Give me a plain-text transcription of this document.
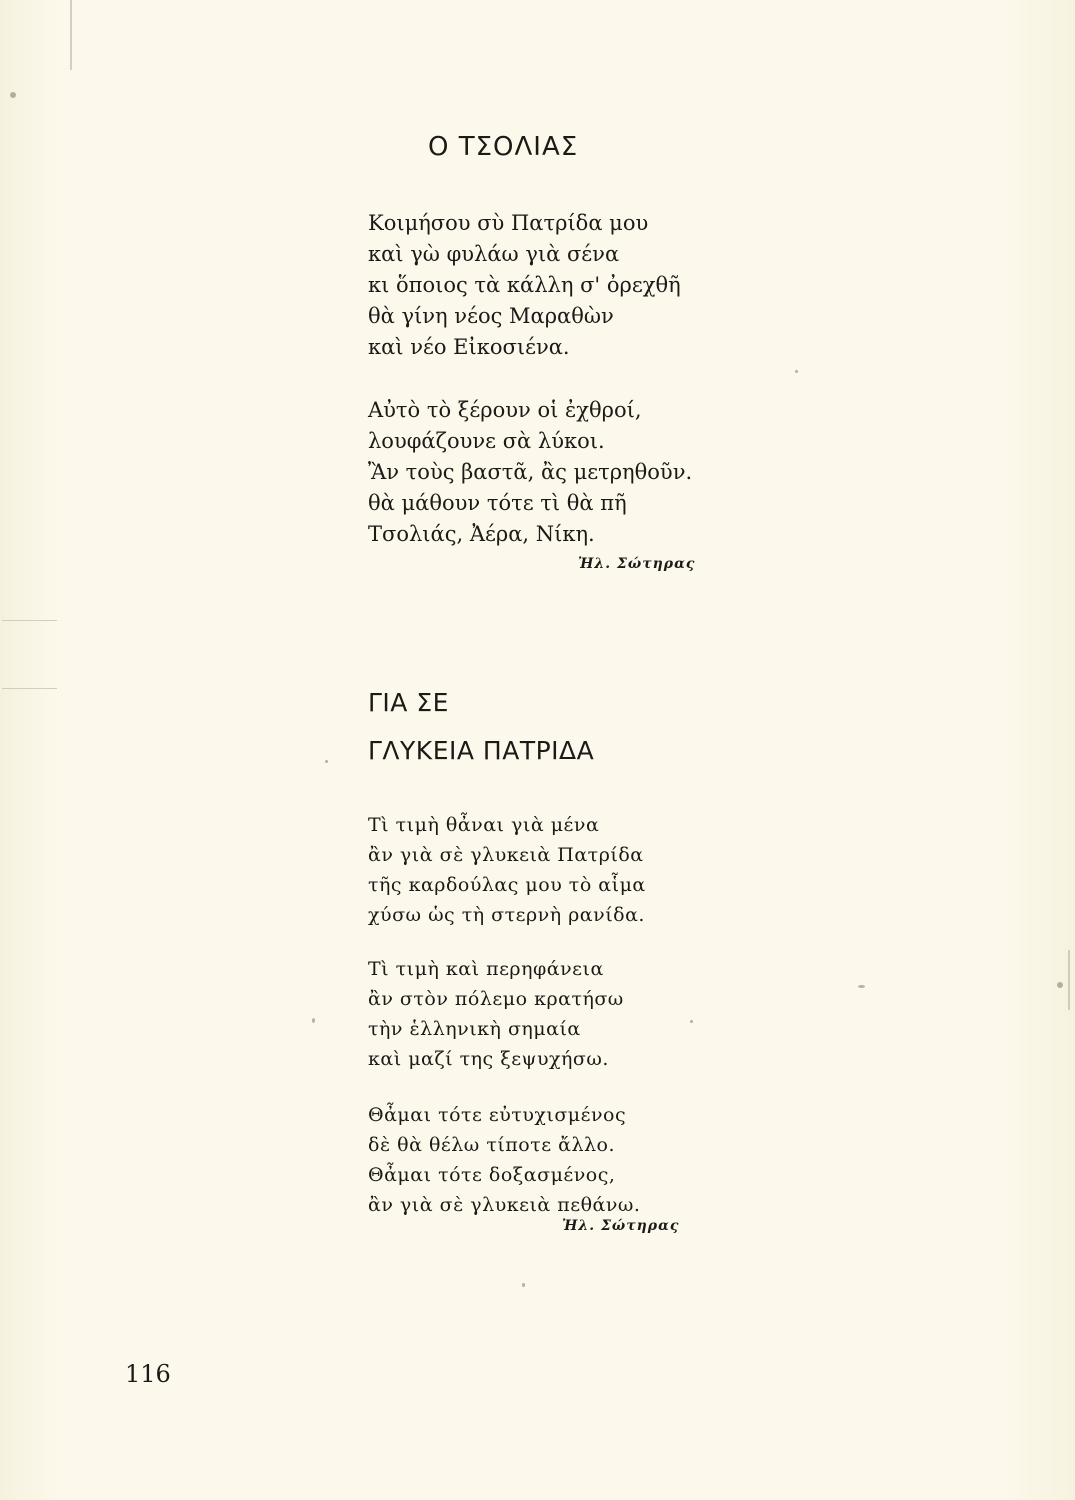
Ο ΤΣΟΛΙΑΣ
Κοιμήσου σὺ Πατρίδα μου
καὶ γὼ φυλάω γιὰ σένα
κι ὅποιος τὰ κάλλη σ' ὀρεχθῆ
θὰ γίνη νέος Μαραθὼν
καὶ νέο Εἰκοσιένα.
Αὐτὸ τὸ ξέρουν οἱ ἐχθροί,
λουφάζουνε σὰ λύκοι.
Ἂν τοὺς βαστᾶ, ἂς μετρηθοῦν.
θὰ μάθουν τότε τὶ θὰ πῆ
Τσολιάς, Ἀέρα, Νίκη.
Ἠλ. Σώτηρας
ΓΙΑ ΣΕ
ΓΛΥΚΕΙΑ ΠΑΤΡΙΔΑ
Τὶ τιμὴ θἆναι γιὰ μένα
ἂν γιὰ σὲ γλυκειὰ Πατρίδα
τῆς καρδούλας μου τὸ αἷμα
χύσω ὡς τὴ στερνὴ ρανίδα.
Τὶ τιμὴ καὶ περηφάνεια
ἂν στὸν πόλεμο κρατήσω
τὴν ἑλληνικὴ σημαία
καὶ μαζί της ξεψυχήσω.
Θἆμαι τότε εὐτυχισμένος
δὲ θὰ θέλω τίποτε ἄλλο.
Θἆμαι τότε δοξασμένος,
ἂν γιὰ σὲ γλυκειὰ πεθάνω.
Ἠλ. Σώτηρας
116
